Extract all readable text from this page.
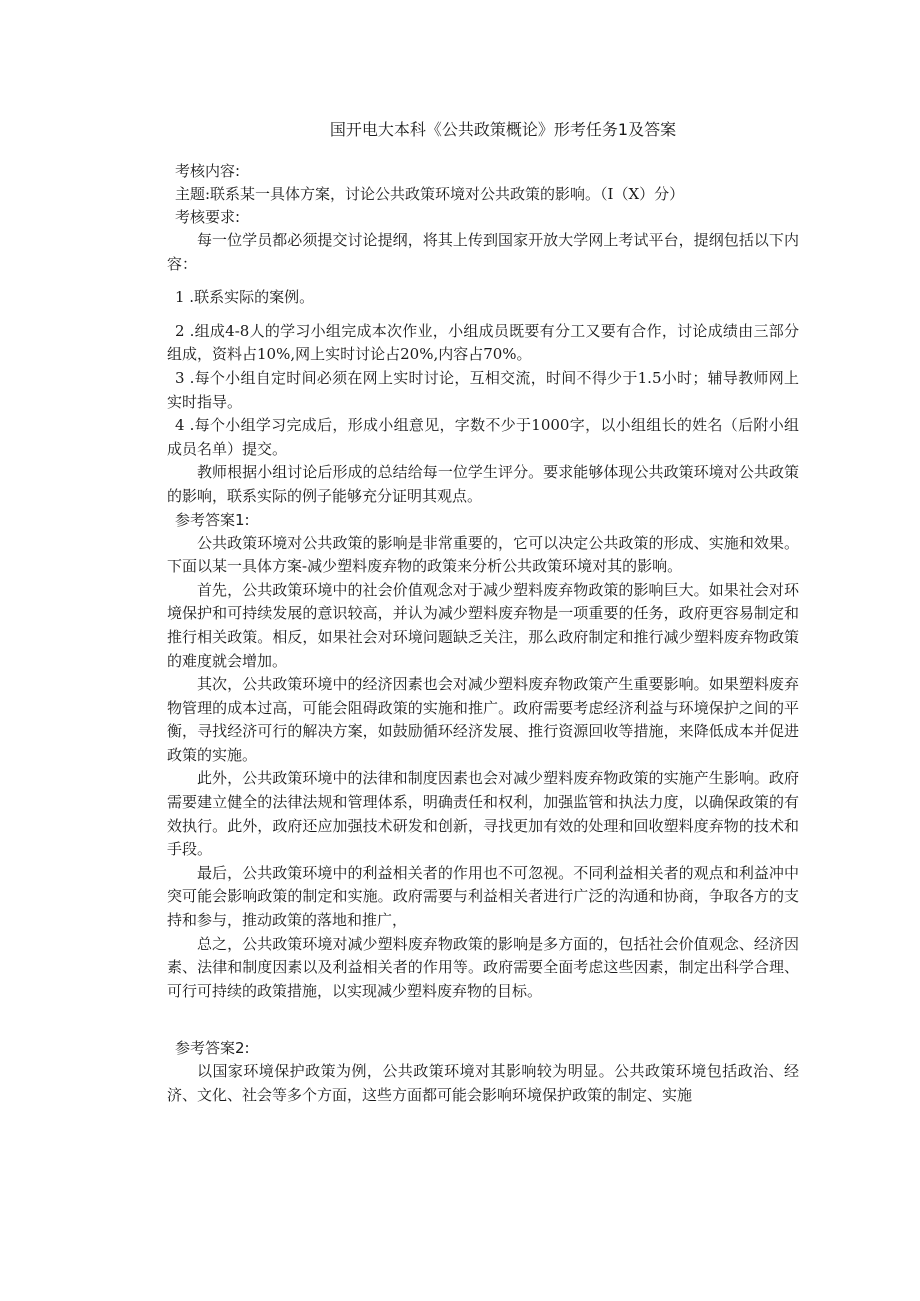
国开电大本科《公共政策概论》形考任务1及答案

考核内容:

主题:联系某一具体方案，讨论公共政策环境对公共政策的影响。（I（X）分）

考核要求:

每一位学员都必须提交讨论提纲，将其上传到国家开放大学网上考试平台，提纲包括以下内容：

1 .联系实际的案例。

2 .组成4-8人的学习小组完成本次作业，小组成员既要有分工又要有合作，讨论成绩由三部分组成，资料占10%,网上实时讨论占20%,内容占70%。

3 .每个小组自定时间必须在网上实时讨论，互相交流，时间不得少于1.5小时；辅导教师网上实时指导。

4 .每个小组学习完成后，形成小组意见，字数不少于1000字，以小组组长的姓名（后附小组成员名单）提交。

教师根据小组讨论后形成的总结给每一位学生评分。要求能够体现公共政策环境对公共政策的影响，联系实际的例子能够充分证明其观点。

参考答案1:

公共政策环境对公共政策的影响是非常重要的，它可以决定公共政策的形成、实施和效果。下面以某一具体方案-减少塑料废弃物的政策来分析公共政策环境对其的影响。

首先，公共政策环境中的社会价值观念对于减少塑料废弃物政策的影响巨大。如果社会对环境保护和可持续发展的意识较高，并认为减少塑料废弃物是一项重要的任务，政府更容易制定和推行相关政策。相反，如果社会对环境问题缺乏关注，那么政府制定和推行减少塑料废弃物政策的难度就会增加。

其次，公共政策环境中的经济因素也会对减少塑料废弃物政策产生重要影响。如果塑料废弃物管理的成本过高，可能会阻碍政策的实施和推广。政府需要考虑经济利益与环境保护之间的平衡，寻找经济可行的解决方案，如鼓励循环经济发展、推行资源回收等措施，来降低成本并促进政策的实施。

此外，公共政策环境中的法律和制度因素也会对减少塑料废弃物政策的实施产生影响。政府需要建立健全的法律法规和管理体系，明确责任和权利，加强监管和执法力度，以确保政策的有效执行。此外，政府还应加强技术研发和创新，寻找更加有效的处理和回收塑料度弃物的技术和手段。

最后，公共政策环境中的利益相关者的作用也不可忽视。不同利益相关者的观点和利益冲中突可能会影响政策的制定和实施。政府需要与利益相关者进行广泛的沟通和协商，争取各方的支持和参与，推动政策的落地和推广，

总之，公共政策环境对减少塑料废弃物政策的影响是多方面的，包括社会价值观念、经济因素、法律和制度因素以及利益相关者的作用等。政府需要全面考虑这些因素，制定出科学合理、可行可持续的政策措施，以实现减少塑料废弃物的目标。

参考答案2:

以国家环境保护政策为例，公共政策环境对其影响较为明显。公共政策环境包括政治、经济、文化、社会等多个方面，这些方面都可能会影响环境保护政策的制定、实施
